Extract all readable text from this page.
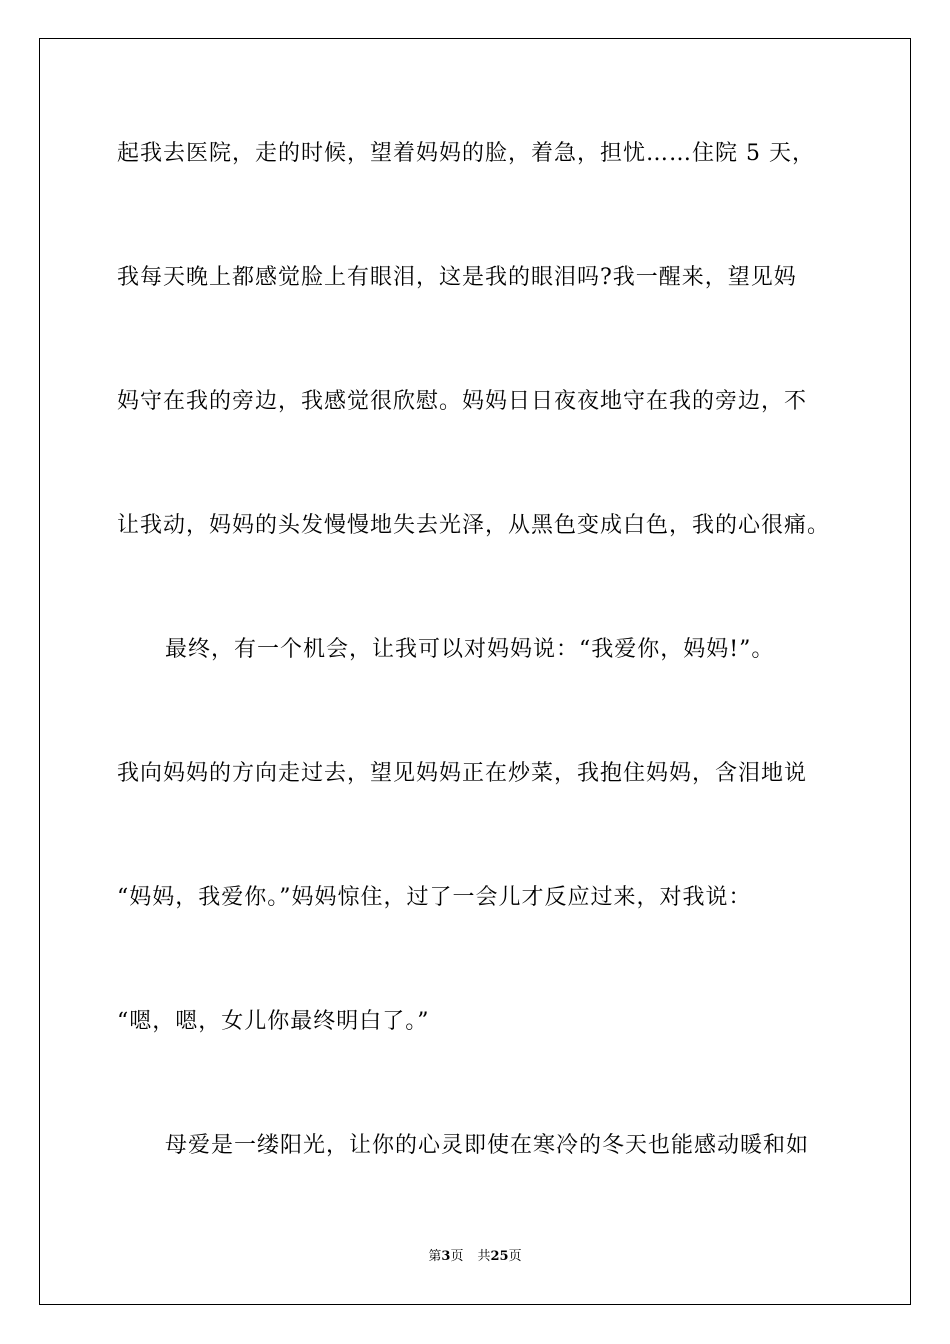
起我去医院，走的时候，望着妈妈的脸，着急，担忧……住院 5 天，
我每天晚上都感觉脸上有眼泪，这是我的眼泪吗?我一醒来，望见妈
妈守在我的旁边，我感觉很欣慰。妈妈日日夜夜地守在我的旁边，不
让我动，妈妈的头发慢慢地失去光泽，从黑色变成白色，我的心很痛。
最终，有一个机会，让我可以对妈妈说：“我爱你，妈妈!”。
我向妈妈的方向走过去，望见妈妈正在炒菜，我抱住妈妈，含泪地说
“妈妈，我爱你。”妈妈惊住，过了一会儿才反应过来，对我说：
“嗯，嗯，女儿你最终明白了。”
母爱是一缕阳光，让你的心灵即使在寒冷的冬天也能感动暖和如
第3页 共25页
